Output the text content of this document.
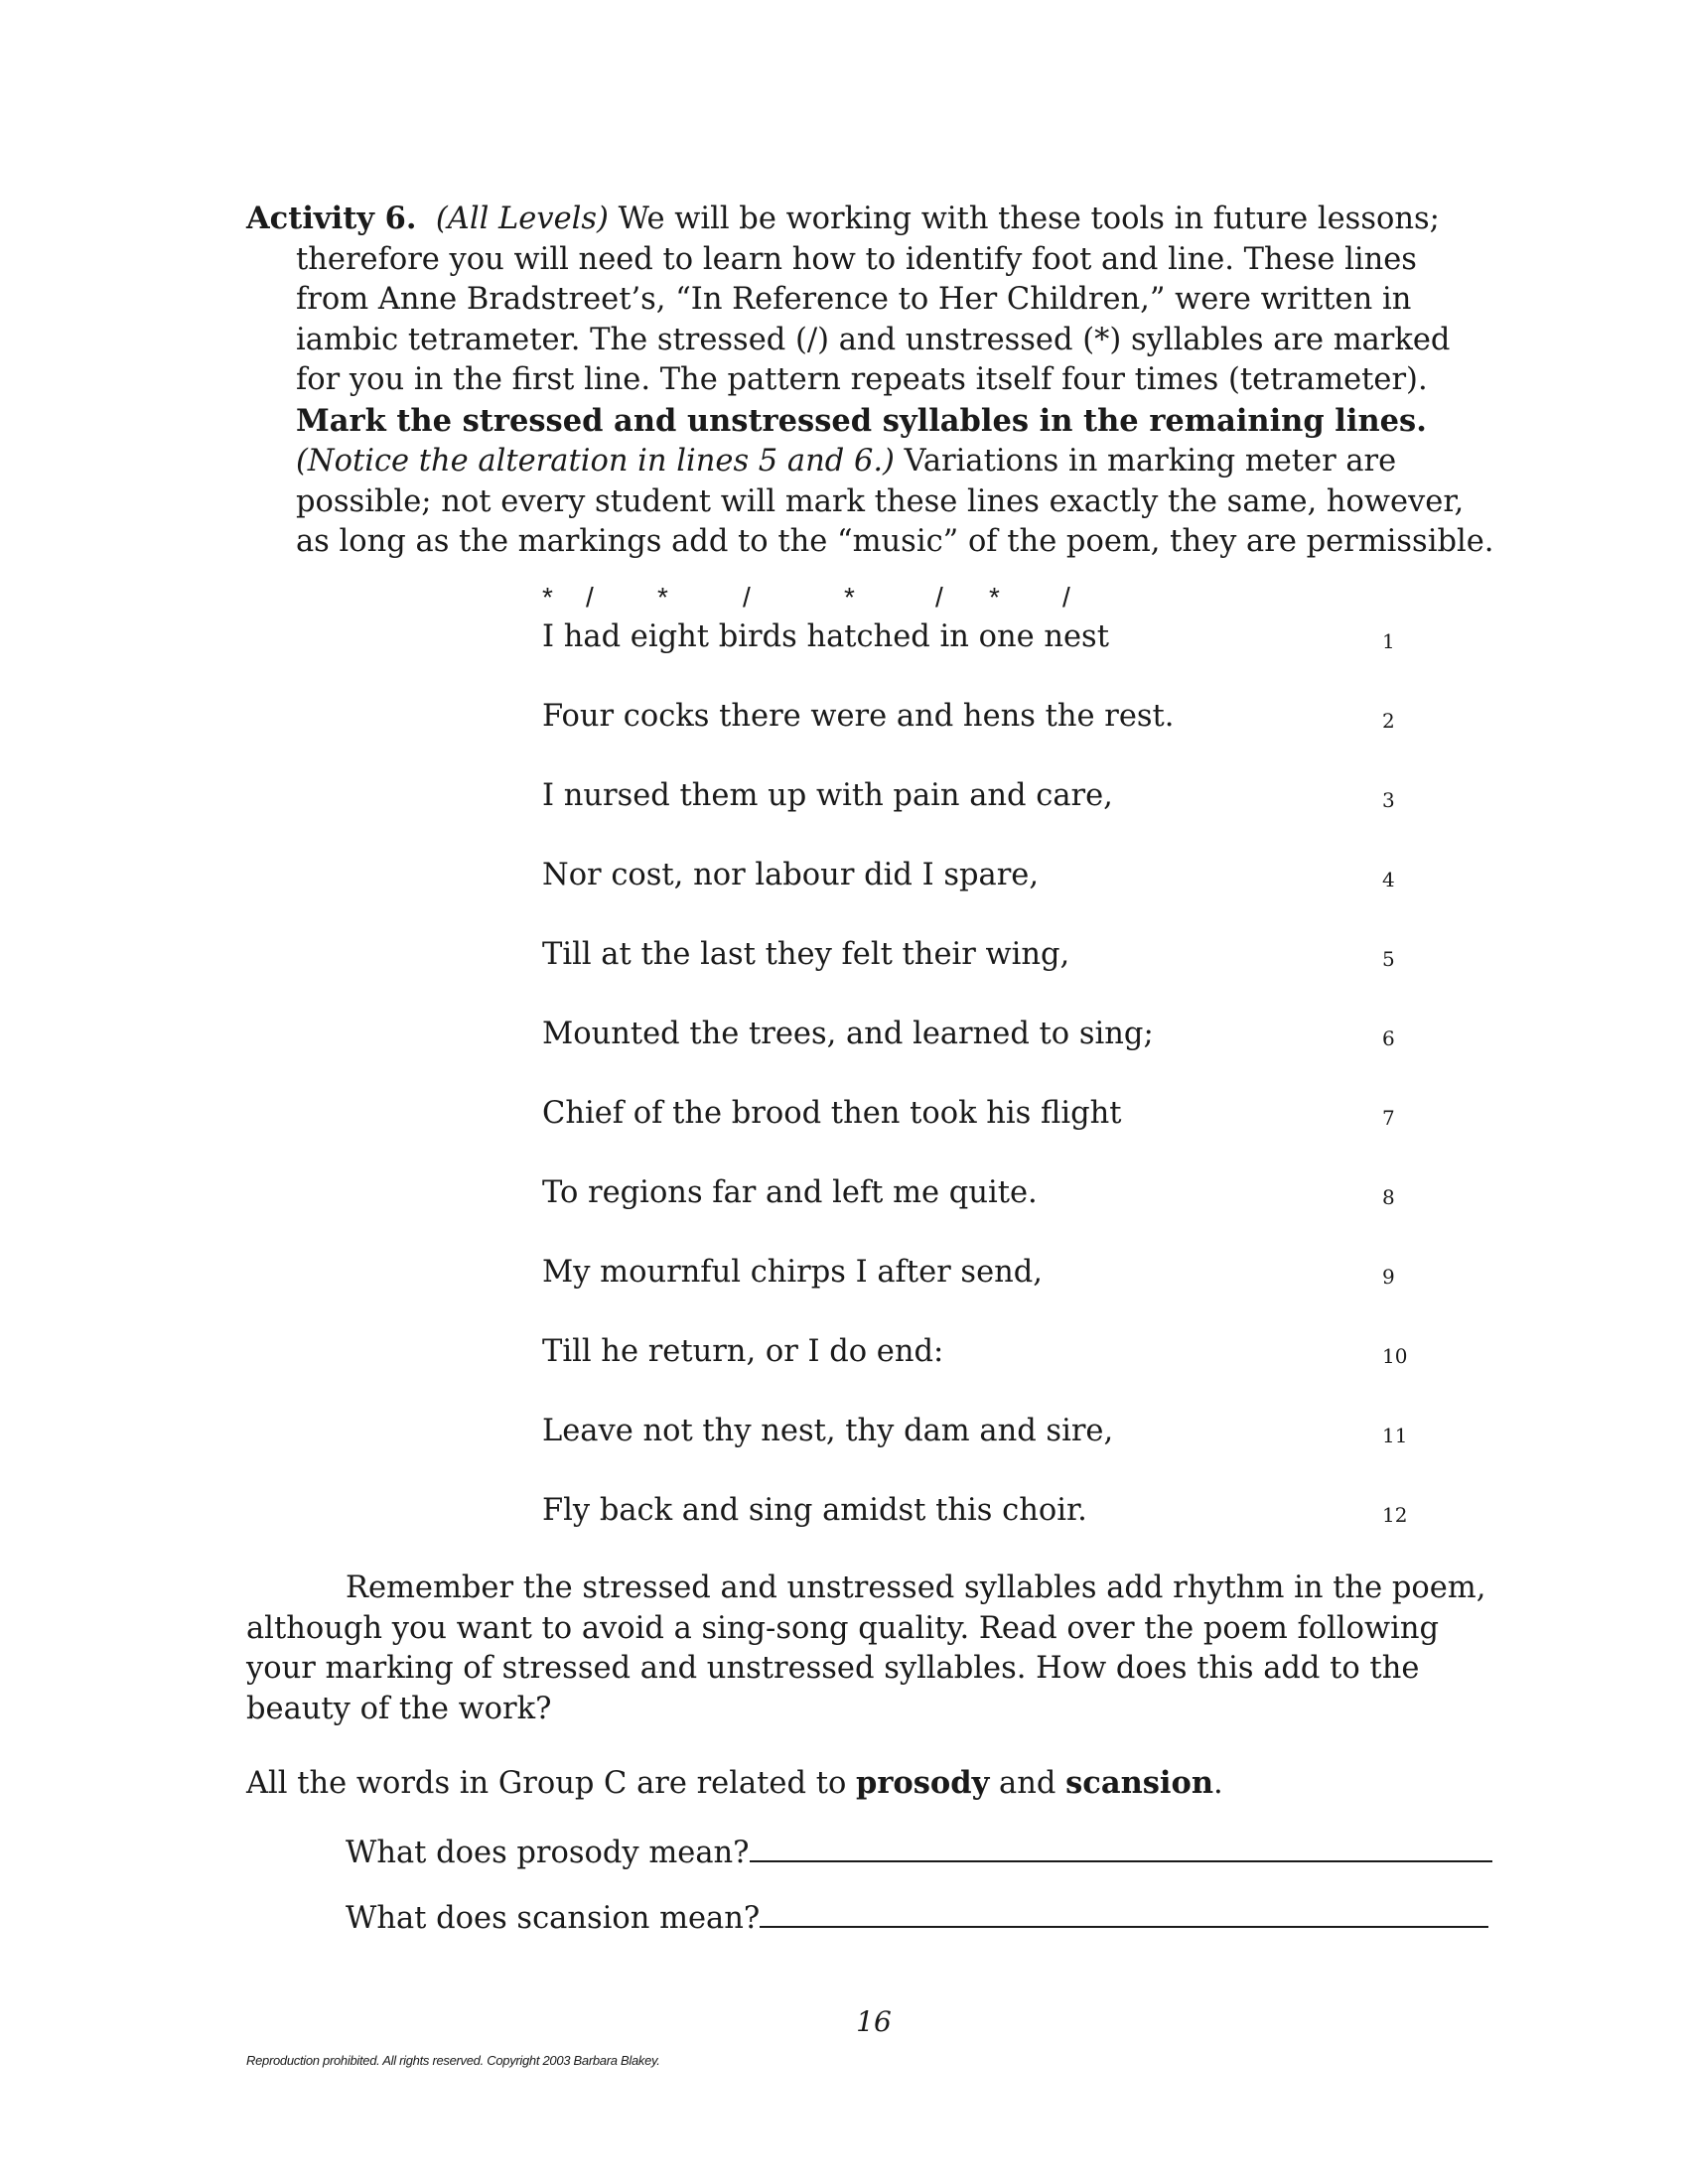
Activity 6. (All Levels) We will be working with these tools in future lessons; therefore you will need to learn how to identify foot and line. These lines from Anne Bradstreet’s, “In Reference to Her Children,” were written in iambic tetrameter. The stressed (/) and unstressed (*) syllables are marked for you in the first line. The pattern repeats itself four times (tetrameter). Mark the stressed and unstressed syllables in the remaining lines. (Notice the alteration in lines 5 and 6.) Variations in marking meter are possible; not every student will mark these lines exactly the same, however, as long as the markings add to the “music” of the poem, they are permissible.
* / *	/	*	/ * /
I had eight birds hatched in one nest	1
Four cocks there were and hens the rest.	2
I nursed them up with pain and care,	3
Nor cost, nor labour did I spare,	4
Till at the last they felt their wing,	5
Mounted the trees, and learned to sing;	6
Chief of the brood then took his flight	7
To regions far and left me quite.	8
My mournful chirps I after send,	9
Till he return, or I do end:	10
Leave not thy nest, thy dam and sire,	11
Fly back and sing amidst this choir.	12
Remember the stressed and unstressed syllables add rhythm in the poem, although you want to avoid a sing-song quality. Read over the poem following your marking of stressed and unstressed syllables. How does this add to the beauty of the work?
All the words in Group C are related to prosody and scansion.
What does prosody mean?
What does scansion mean?
16
Reproduction prohibited. All rights reserved. Copyright 2003 Barbara Blakey.
